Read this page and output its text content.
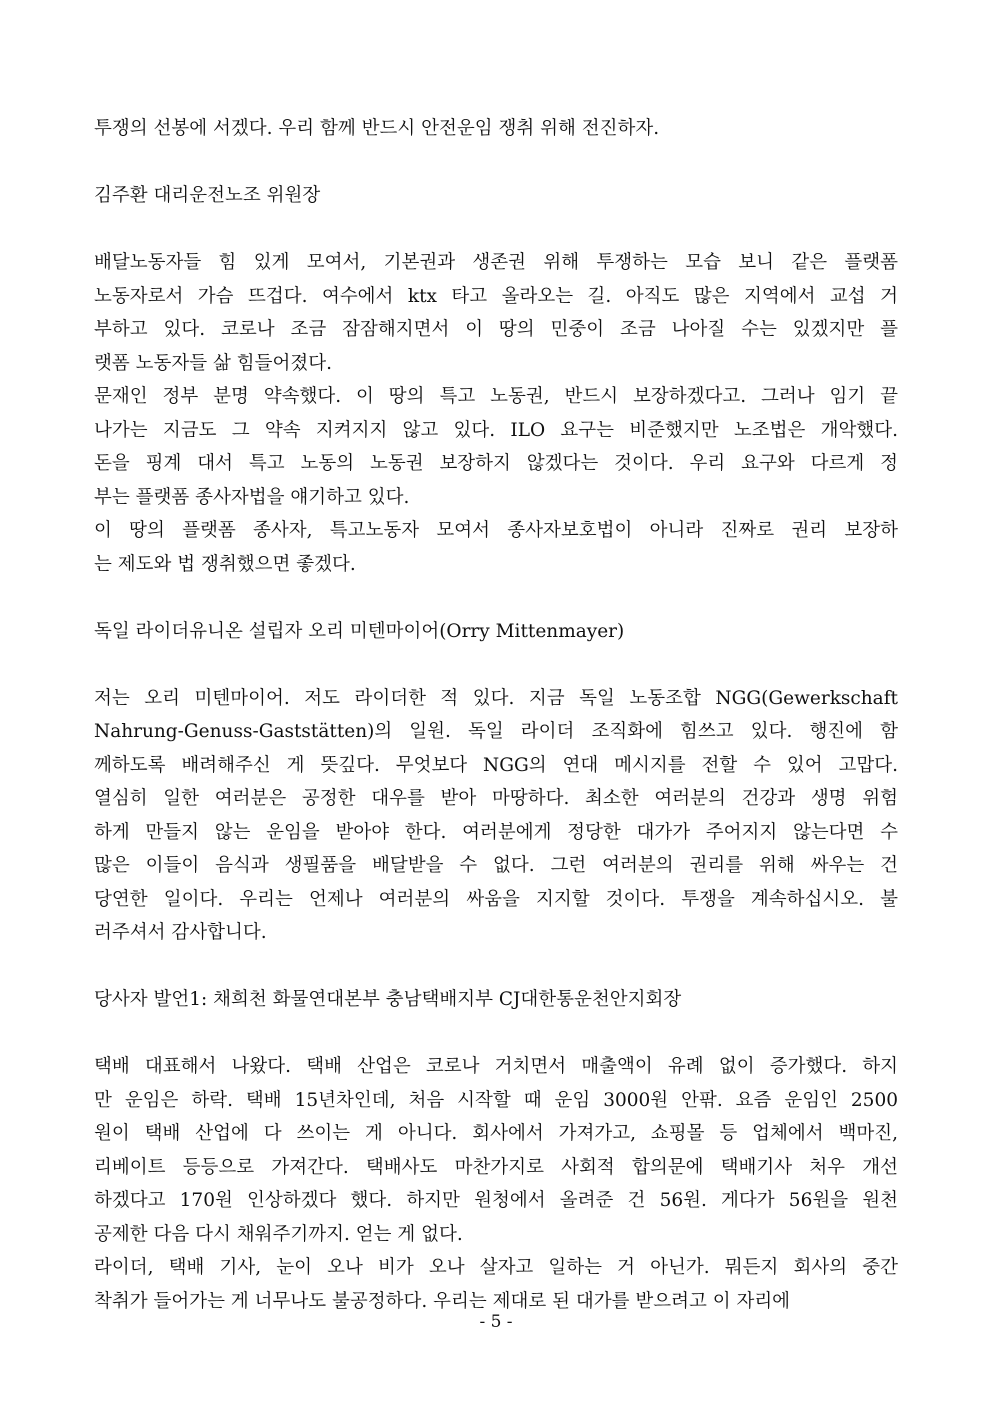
투쟁의 선봉에 서겠다. 우리 함께 반드시 안전운임 쟁취 위해 전진하자.
김주환 대리운전노조 위원장
배달노동자들 힘 있게 모여서, 기본권과 생존권 위해 투쟁하는 모습 보니 같은 플랫폼
노동자로서 가슴 뜨겁다. 여수에서 ktx 타고 올라오는 길. 아직도 많은 지역에서 교섭 거
부하고 있다. 코로나 조금 잠잠해지면서 이 땅의 민중이 조금 나아질 수는 있겠지만 플
랫폼 노동자들 삶 힘들어졌다.
문재인 정부 분명 약속했다. 이 땅의 특고 노동권, 반드시 보장하겠다고. 그러나 임기 끝
나가는 지금도 그 약속 지켜지지 않고 있다. ILO 요구는 비준했지만 노조법은 개악했다.
돈을 핑계 대서 특고 노동의 노동권 보장하지 않겠다는 것이다. 우리 요구와 다르게 정
부는 플랫폼 종사자법을 얘기하고 있다.
이 땅의 플랫폼 종사자, 특고노동자 모여서 종사자보호법이 아니라 진짜로 권리 보장하
는 제도와 법 쟁취했으면 좋겠다.
독일 라이더유니온 설립자 오리 미텐마이어(Orry Mittenmayer)
저는 오리 미텐마이어. 저도 라이더한 적 있다. 지금 독일 노동조합 NGG(Gewerkschaft
Nahrung-Genuss-Gaststätten)의 일원. 독일 라이더 조직화에 힘쓰고 있다. 행진에 함
께하도록 배려해주신 게 뜻깊다. 무엇보다 NGG의 연대 메시지를 전할 수 있어 고맙다.
열심히 일한 여러분은 공정한 대우를 받아 마땅하다. 최소한 여러분의 건강과 생명 위험
하게 만들지 않는 운임을 받아야 한다. 여러분에게 정당한 대가가 주어지지 않는다면 수
많은 이들이 음식과 생필품을 배달받을 수 없다. 그런 여러분의 권리를 위해 싸우는 건
당연한 일이다. 우리는 언제나 여러분의 싸움을 지지할 것이다. 투쟁을 계속하십시오. 불
러주셔서 감사합니다.
당사자 발언1: 채희천 화물연대본부 충남택배지부 CJ대한통운천안지회장
택배 대표해서 나왔다. 택배 산업은 코로나 거치면서 매출액이 유례 없이 증가했다. 하지
만 운임은 하락. 택배 15년차인데, 처음 시작할 때 운임 3000원 안팎. 요즘 운임인 2500
원이 택배 산업에 다 쓰이는 게 아니다. 회사에서 가져가고, 쇼핑몰 등 업체에서 백마진,
리베이트 등등으로 가져간다. 택배사도 마찬가지로 사회적 합의문에 택배기사 처우 개선
하겠다고 170원 인상하겠다 했다. 하지만 원청에서 올려준 건 56원. 게다가 56원을 원천
공제한 다음 다시 채워주기까지. 얻는 게 없다.
라이더, 택배 기사, 눈이 오나 비가 오나 살자고 일하는 거 아닌가. 뭐든지 회사의 중간
착취가 들어가는 게 너무나도 불공정하다. 우리는 제대로 된 대가를 받으려고 이 자리에
- 5 -
